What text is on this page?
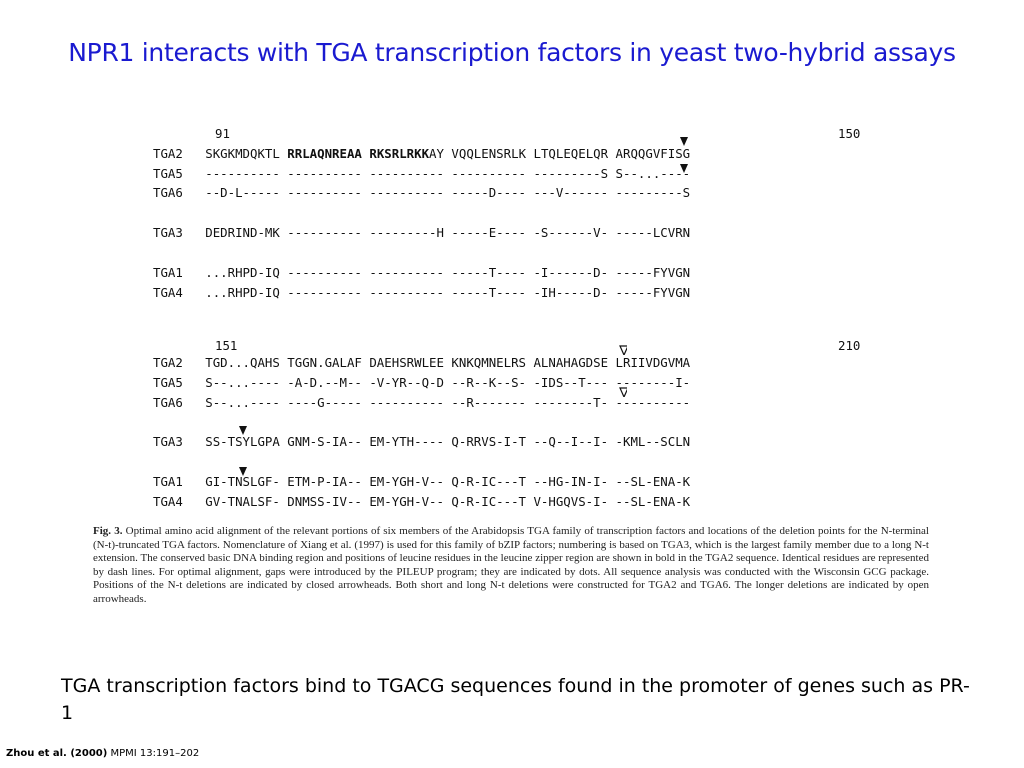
NPR1 interacts with TGA transcription factors in yeast two-hybrid assays
91	150
TGA2 SKGKMDQKTL RRLAQNREAA RKSRLRKKAY VQQLENSRLK LTQLEQELQR ARQQGVFISG
TGA5 ---------- ---------- ---------- ---------- ---------S S--...----
TGA6 --D-L----- ---------- ---------- -----D---- ---V------ ---------S
TGA3 DEDRIND-MK ---------- ---------H -----E---- -S------V- -----LCVRN
TGA1 ...RHPD-IQ ---------- ---------- -----T---- -I------D- -----FYVGN
TGA4 ...RHPD-IQ ---------- ---------- -----T---- -IH-----D- -----FYVGN
151	210
TGA2 TGD...QAHS TGGN.GALAF DAEHSRWLEE KNKQMNELRS ALNAHAGDSE LRIIVDGVMA
TGA5 S--...---- -A-D.--M-- -V-YR--Q-D --R--K--S- -IDS--T--- --------I-
TGA6 S--...---- ----G----- ---------- --R------- --------T- ----------
TGA3 SS-TSYLGPA GNM-S-IA-- EM-YTH---- Q-RRVS-I-T --Q--I--I- -KML--SCLN
TGA1 GI-TNSLGF- ETM-P-IA-- EM-YGH-V-- Q-R-IC---T --HG-IN-I- --SL-ENA-K
TGA4 GV-TNALSF- DNMSS-IV-- EM-YGH-V-- Q-R-IC---T V-HGQVS-I- --SL-ENA-K
Fig. 3. Optimal amino acid alignment of the relevant portions of six members of the Arabidopsis TGA family of transcription factors and locations of the deletion points for the N-terminal (N-t)-truncated TGA factors. Nomenclature of Xiang et al. (1997) is used for this family of bZIP factors; numbering is based on TGA3, which is the largest family member due to a long N-t extension. The conserved basic DNA binding region and positions of leucine residues in the leucine zipper region are shown in bold in the TGA2 sequence. Identical residues are represented by dash lines. For optimal alignment, gaps were introduced by the PILEUP program; they are indicated by dots. All sequence analysis was conducted with the Wisconsin GCG package. Positions of the N-t deletions are indicated by closed arrowheads. Both short and long N-t deletions were constructed for TGA2 and TGA6. The longer deletions are indicated by open arrowheads.
TGA transcription factors bind to TGACG sequences found in the promoter of genes such as PR-1
Zhou et al. (2000) MPMI 13:191–202
